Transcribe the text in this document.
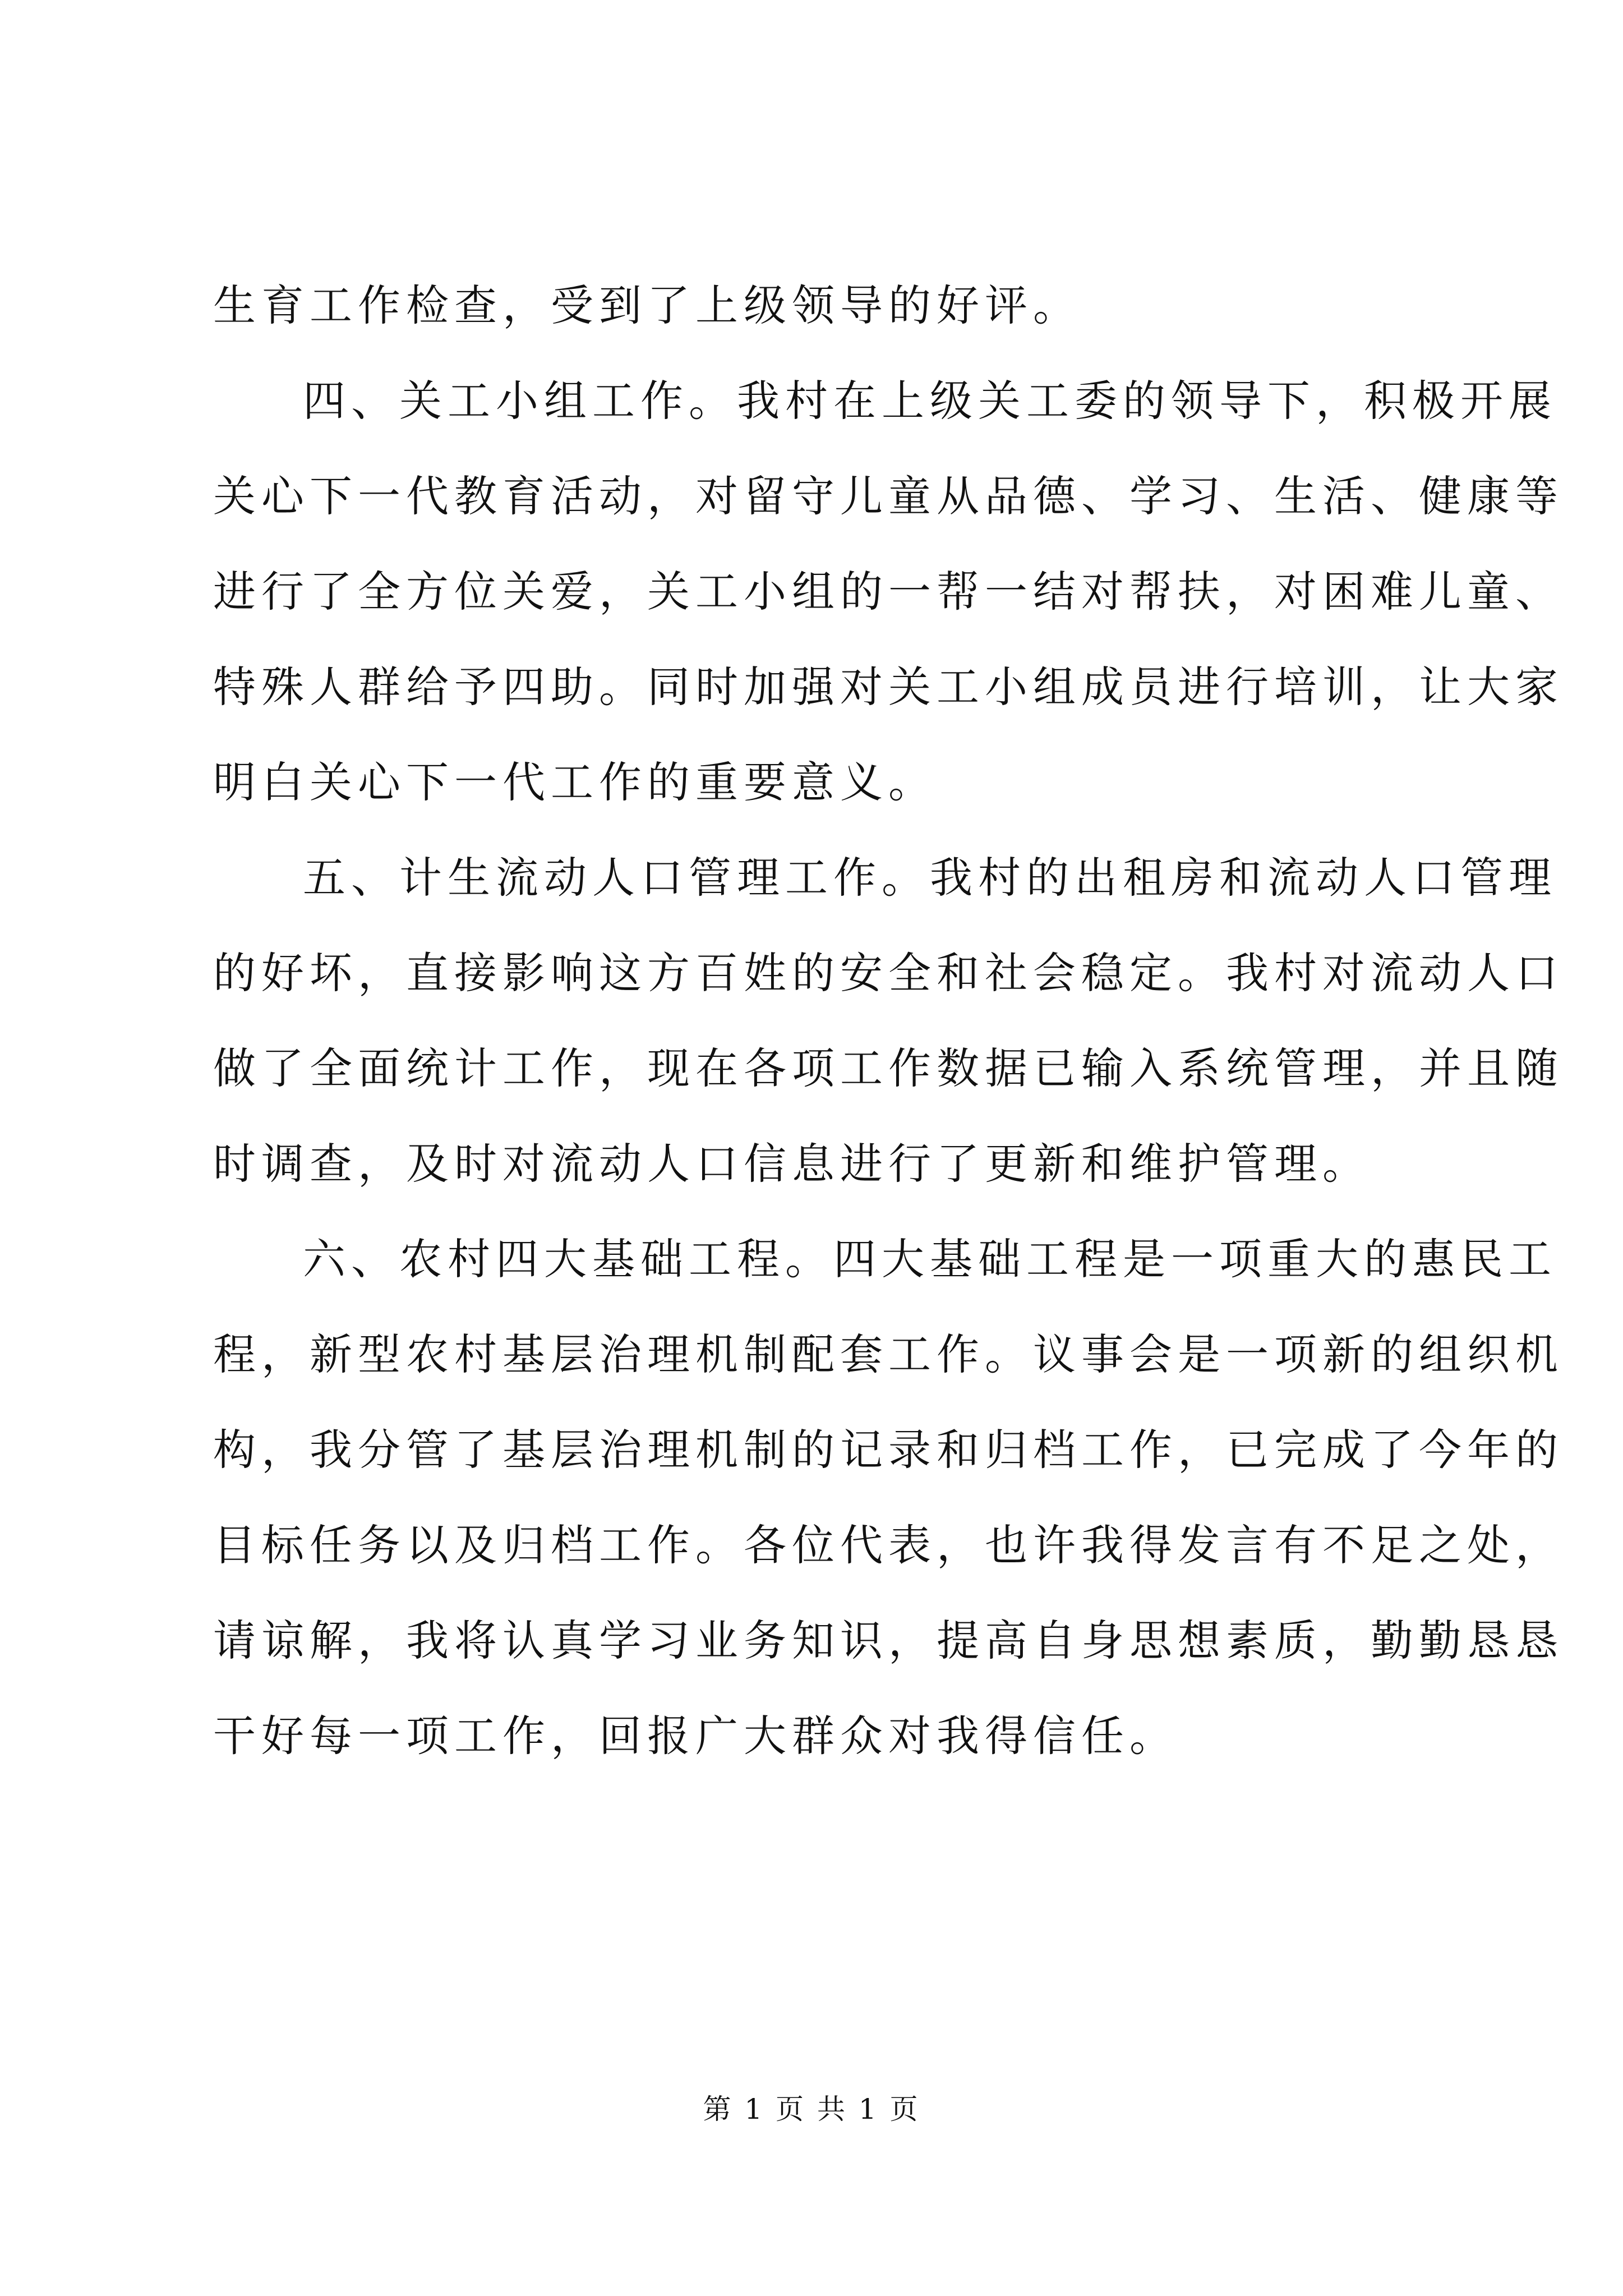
生育工作检查，受到了上级领导的好评。
四、关工小组工作。我村在上级关工委的领导下，积极开展
关心下一代教育活动，对留守儿童从品德、学习、生活、健康等
进行了全方位关爱，关工小组的一帮一结对帮扶，对困难儿童、
特殊人群给予四助。同时加强对关工小组成员进行培训，让大家
明白关心下一代工作的重要意义。
五、计生流动人口管理工作。我村的出租房和流动人口管理
的好坏，直接影响这方百姓的安全和社会稳定。我村对流动人口
做了全面统计工作，现在各项工作数据已输入系统管理，并且随
时调查，及时对流动人口信息进行了更新和维护管理。
六、农村四大基础工程。四大基础工程是一项重大的惠民工
程，新型农村基层治理机制配套工作。议事会是一项新的组织机
构，我分管了基层治理机制的记录和归档工作，已完成了今年的
目标任务以及归档工作。各位代表，也许我得发言有不足之处，
请谅解，我将认真学习业务知识，提高自身思想素质，勤勤恳恳
干好每一项工作，回报广大群众对我得信任。
第 1 页 共 1 页
